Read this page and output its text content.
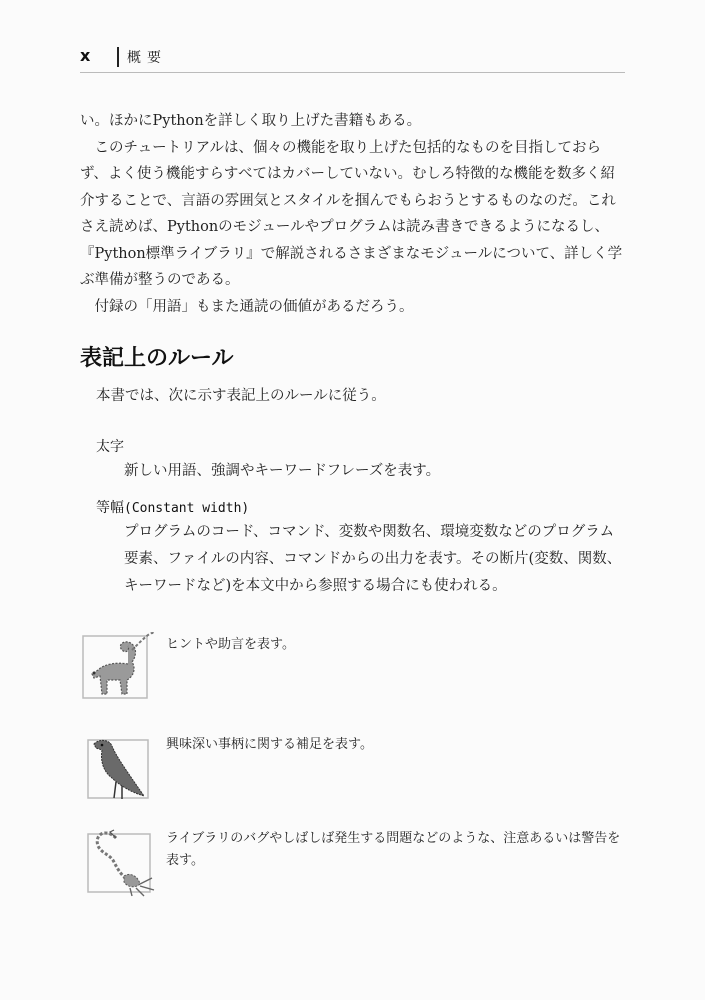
x	概要

い。ほかにPythonを詳しく取り上げた書籍もある。

このチュートリアルは、個々の機能を取り上げた包括的なものを目指しておらず、よく使う機能すらすべてはカバーしていない。むしろ特徴的な機能を数多く紹介することで、言語の雰囲気とスタイルを掴んでもらおうとするものなのだ。これさえ読めば、Pythonのモジュールやプログラムは読み書きできるようになるし、『Python標準ライブラリ』で解説されるさまざまなモジュールについて、詳しく学ぶ準備が整うのである。

付録の「用語」もまた通読の価値があるだろう。

表記上のルール
本書では、次に示す表記上のルールに従う。
太字
新しい用語、強調やキーワードフレーズを表す。
等幅(Constant width)
プログラムのコード、コマンド、変数や関数名、環境変数などのプログラム要素、ファイルの内容、コマンドからの出力を表す。その断片(変数、関数、キーワードなど)を本文中から参照する場合にも使われる。
ヒントや助言を表す。
興味深い事柄に関する補足を表す。
ライブラリのバグやしばしば発生する問題などのような、注意あるいは警告を表す。
